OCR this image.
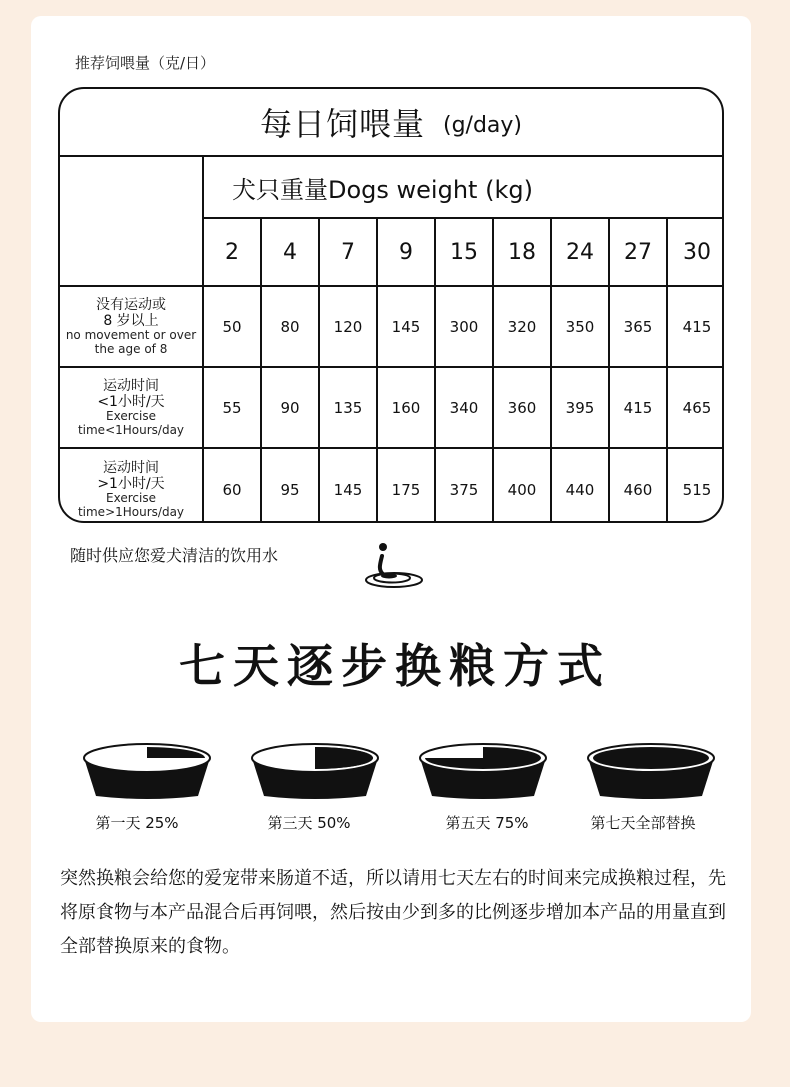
推荐饲喂量（克/日）
每日饲喂量 (g/day)
犬只重量Dogs weight (kg)
2	4	7	9	15	18	24	27	30
没有运动或
8 岁以上
no movement or over
the age of 8
50	80	120	145	300	320	350	365	415
运动时间
<1小时/天
Exercise
time<1Hours/day
55	90	135	160	340	360	395	415	465
运动时间
>1小时/天
Exercise
time>1Hours/day
60	95	145	175	375	400	440	460	515
随时供应您爱犬清洁的饮用水
七天逐步换粮方式
第一天 25%	第三天 50%	第五天 75%	第七天全部替换
突然换粮会给您的爱宠带来肠道不适，所以请用七天左右的时间来完成换粮过程，先将原食物与本产品混合后再饲喂，然后按由少到多的比例逐步增加本产品的用量直到全部替换原来的食物。
